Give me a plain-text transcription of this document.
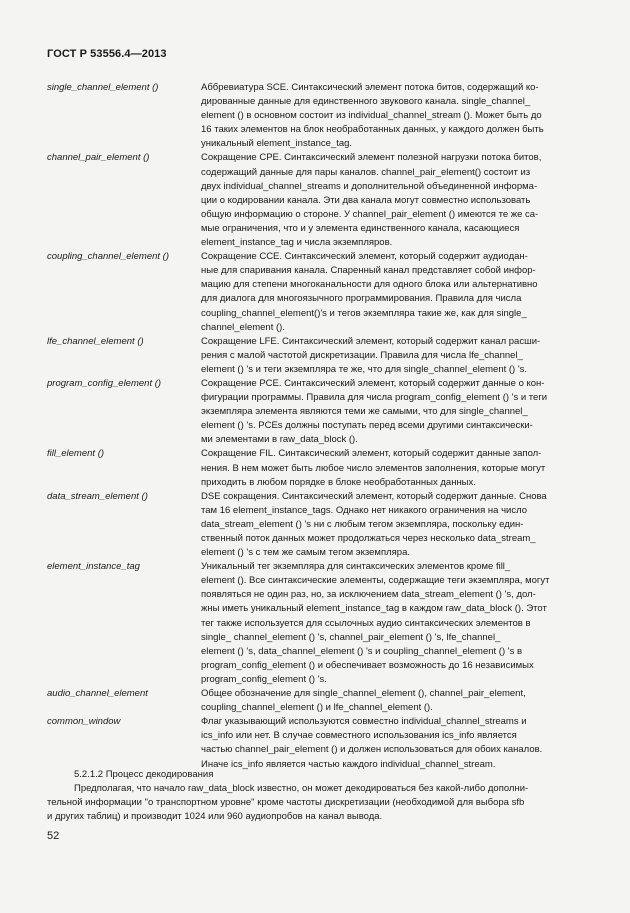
ГОСТ Р 53556.4—2013
single_channel_element ()	Аббревиатура SCE. Синтаксический элемент потока битов, содержащий ко-
дированные данные для единственного звукового канала. single_channel_
element () в основном состоит из individual_channel_stream (). Может быть до
16 таких элементов на блок необработанных данных, у каждого должен быть
уникальный element_instance_tag.
channel_pair_element ()	Сокращение CPE. Синтаксический элемент полезной нагрузки потока битов,
содержащий данные для пары каналов. channel_pair_element() состоит из
двух individual_channel_streams и дополнительной объединенной информа-
ции о кодировании канала. Эти два канала могут совместно использовать
общую информацию о стороне. У channel_pair_element () имеются те же са-
мые ограничения, что и у элемента единственного канала, касающиеся
element_instance_tag и числа экземпляров.
coupling_channel_element ()	Сокращение CCE. Синтаксический элемент, который содержит аудиодан-
ные для спаривания канала. Спаренный канал представляет собой инфор-
мацию для степени многоканальности для одного блока или альтернативно
для диалога для многоязычного программирования. Правила для числа
coupling_channel_element()'s и тегов экземпляра такие же, как для single_
channel_element ().
lfe_channel_element ()	Сокращение LFE. Синтаксический элемент, который содержит канал расши-
рения с малой частотой дискретизации. Правила для числа lfe_channel_
element () 's и теги экземпляра те же, что для single_channel_element () 's.
program_config_element ()	Сокращение PCE. Синтаксический элемент, который содержит данные о кон-
фигурации программы. Правила для числа program_config_element () 's и теги
экземпляра элемента являются теми же самыми, что для single_channel_
element () 's. PCEs должны поступать перед всеми другими синтаксически-
ми элементами в raw_data_block ().
fill_element ()	Сокращение FIL. Синтаксический элемент, который содержит данные запол-
нения. В нем может быть любое число элементов заполнения, которые могут
приходить в любом порядке в блоке необработанных данных.
data_stream_element ()	DSE сокращения. Синтаксический элемент, который содержит данные. Снова
там 16 element_instance_tags. Однако нет никакого ограничения на число
data_stream_element () 's ни с любым тегом экземпляра, поскольку един-
ственный поток данных может продолжаться через несколько data_stream_
element () 's с тем же самым тегом экземпляра.
element_instance_tag	Уникальный тег экземпляра для синтаксических элементов кроме fill_
element (). Все синтаксические элементы, содержащие теги экземпляра, могут
появляться не один раз, но, за исключением data_stream_element () 's, дол-
жны иметь уникальный element_instance_tag в каждом raw_data_block (). Этот
тег также используется для ссылочных аудио синтаксических элементов в
single_ channel_element () 's, channel_pair_element () 's, lfe_channel_
element () 's, data_channel_element () 's и coupling_channel_element () 's в
program_config_element () и обеспечивает возможность до 16 независимых
program_config_element () 's.
audio_channel_element	Общее обозначение для single_channel_element (), channel_pair_element,
coupling_channel_element () и lfe_channel_element ().
common_window	Флаг указывающий используются совместно individual_channel_streams и
ics_info или нет. В случае совместного использования ics_info является
частью channel_pair_element () и должен использоваться для обоих каналов.
Иначе ics_info является частью каждого individual_channel_stream.
5.2.1.2 Процесс декодирования
Предполагая, что начало raw_data_block известно, он может декодироваться без какой-либо дополни-
тельной информации "о транспортном уровне" кроме частоты дискретизации (необходимой для выбора sfb
и других таблиц) и производит 1024 или 960 аудиопробов на канал вывода.
52
